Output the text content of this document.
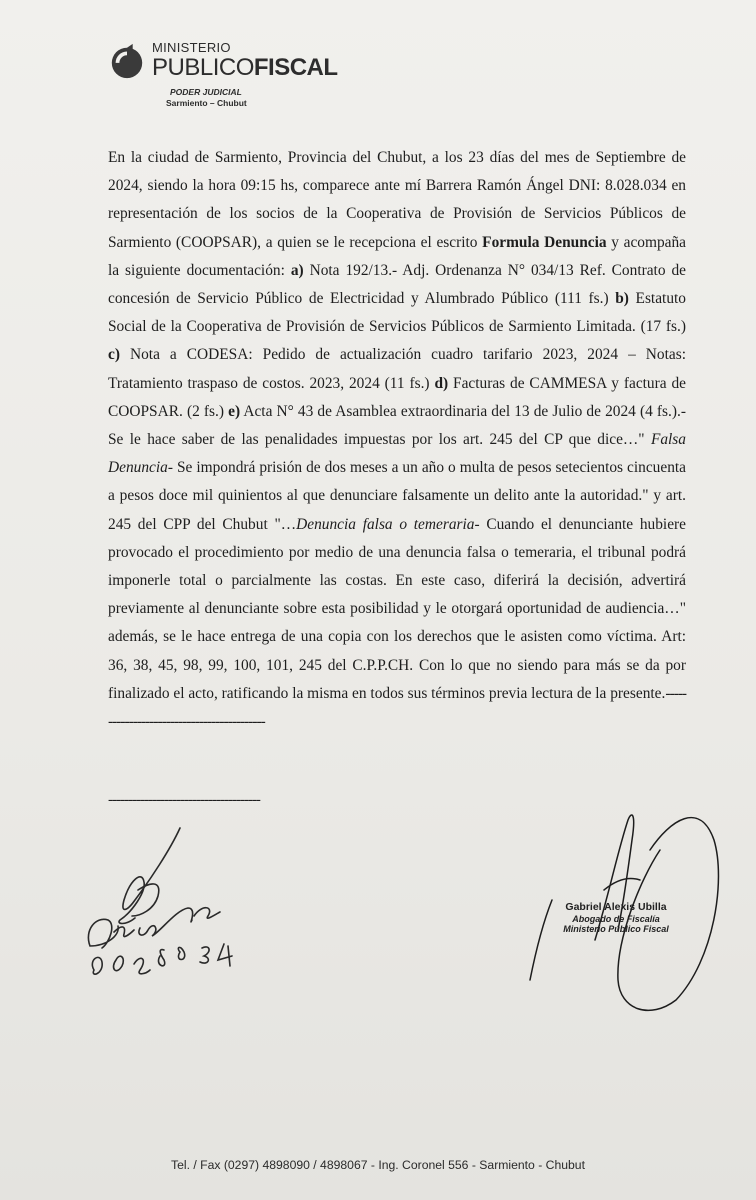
MINISTERIO
PUBLICOFISCAL
PODER JUDICIAL
Sarmiento – Chubut
En la ciudad de Sarmiento, Provincia del Chubut, a los 23 días del mes de Septiembre de 2024, siendo la hora 09:15 hs, comparece ante mí Barrera Ramón Ángel DNI: 8.028.034 en representación de los socios de la Cooperativa de Provisión de Servicios Públicos de Sarmiento (COOPSAR), a quien se le recepciona el escrito Formula Denuncia y acompaña la siguiente documentación: a) Nota 192/13.- Adj. Ordenanza N° 034/13 Ref. Contrato de concesión de Servicio Público de Electricidad y Alumbrado Público (111 fs.) b) Estatuto Social de la Cooperativa de Provisión de Servicios Públicos de Sarmiento Limitada. (17 fs.) c) Nota a CODESA: Pedido de actualización cuadro tarifario 2023, 2024 – Notas: Tratamiento traspaso de costos. 2023, 2024 (11 fs.) d) Facturas de CAMMESA y factura de COOPSAR. (2 fs.) e) Acta N° 43 de Asamblea extraordinaria del 13 de Julio de 2024 (4 fs.).- Se le hace saber de las penalidades impuestas por los art. 245 del CP que dice…" Falsa Denuncia- Se impondrá prisión de dos meses a un año o multa de pesos setecientos cincuenta a pesos doce mil quinientos al que denunciare falsamente un delito ante la autoridad." y art. 245 del CPP del Chubut "…Denuncia falsa o temeraria- Cuando el denunciante hubiere provocado el procedimiento por medio de una denuncia falsa o temeraria, el tribunal podrá imponerle total o parcialmente las costas. En este caso, diferirá la decisión, advertirá previamente al denunciante sobre esta posibilidad y le otorgará oportunidad de audiencia…" además, se le hace entrega de una copia con los derechos que le asisten como víctima. Art: 36, 38, 45, 98, 99, 100, 101, 245 del C.P.P.CH. Con lo que no siendo para más se da por finalizado el acto, ratificando la misma en todos sus términos previa lectura de la presente.-------------------------------------------
--------------------------------------
Gabriel Alexis Ubilla
Abogado de Fiscalía
Ministerio Público Fiscal
Tel. / Fax (0297) 4898090 / 4898067 - Ing. Coronel 556 - Sarmiento - Chubut
